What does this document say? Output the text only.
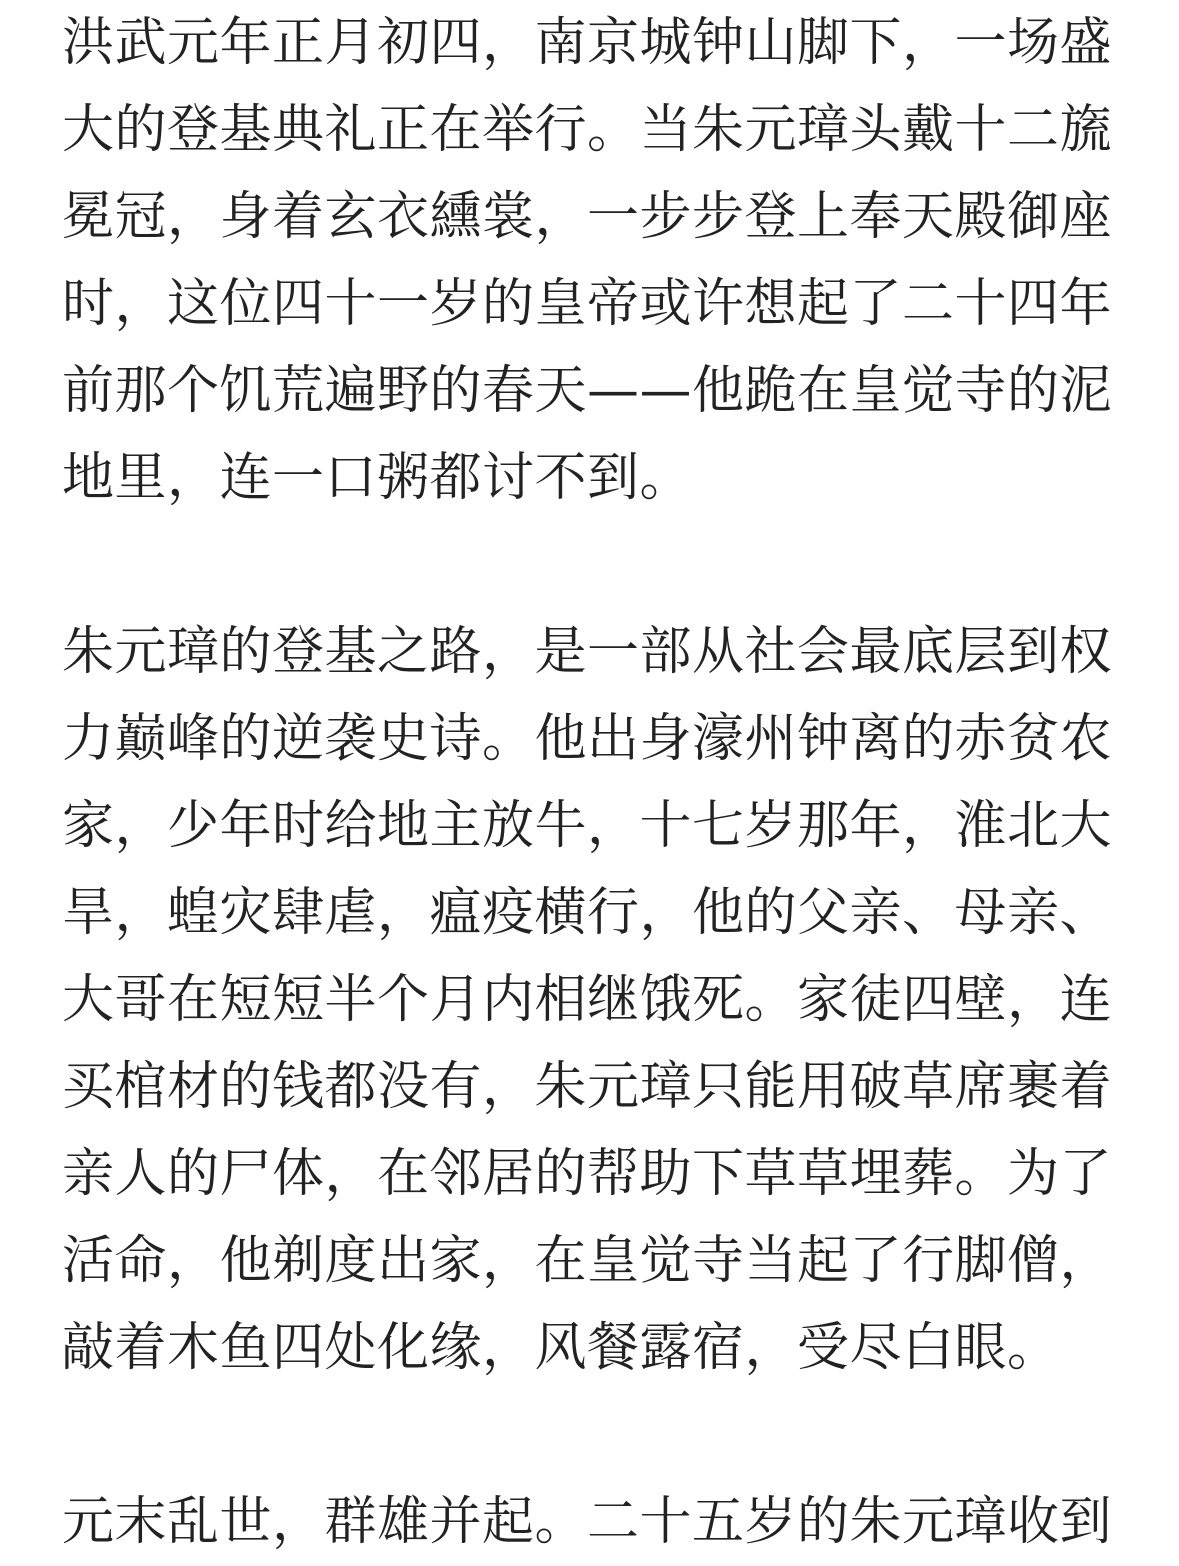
洪武元年正月初四，南京城钟山脚下，一场盛
大的登基典礼正在举行。当朱元璋头戴十二旒
冕冠，身着玄衣纁裳，一步步登上奉天殿御座
时，这位四十一岁的皇帝或许想起了二十四年
前那个饥荒遍野的春天——他跪在皇觉寺的泥
地里，连一口粥都讨不到。

朱元璋的登基之路，是一部从社会最底层到权
力巅峰的逆袭史诗。他出身濠州钟离的赤贫农
家，少年时给地主放牛，十七岁那年，淮北大
旱，蝗灾肆虐，瘟疫横行，他的父亲、母亲、
大哥在短短半个月内相继饿死。家徒四壁，连
买棺材的钱都没有，朱元璋只能用破草席裹着
亲人的尸体，在邻居的帮助下草草埋葬。为了
活命，他剃度出家，在皇觉寺当起了行脚僧，
敲着木鱼四处化缘，风餐露宿，受尽白眼。

元末乱世，群雄并起。二十五岁的朱元璋收到
